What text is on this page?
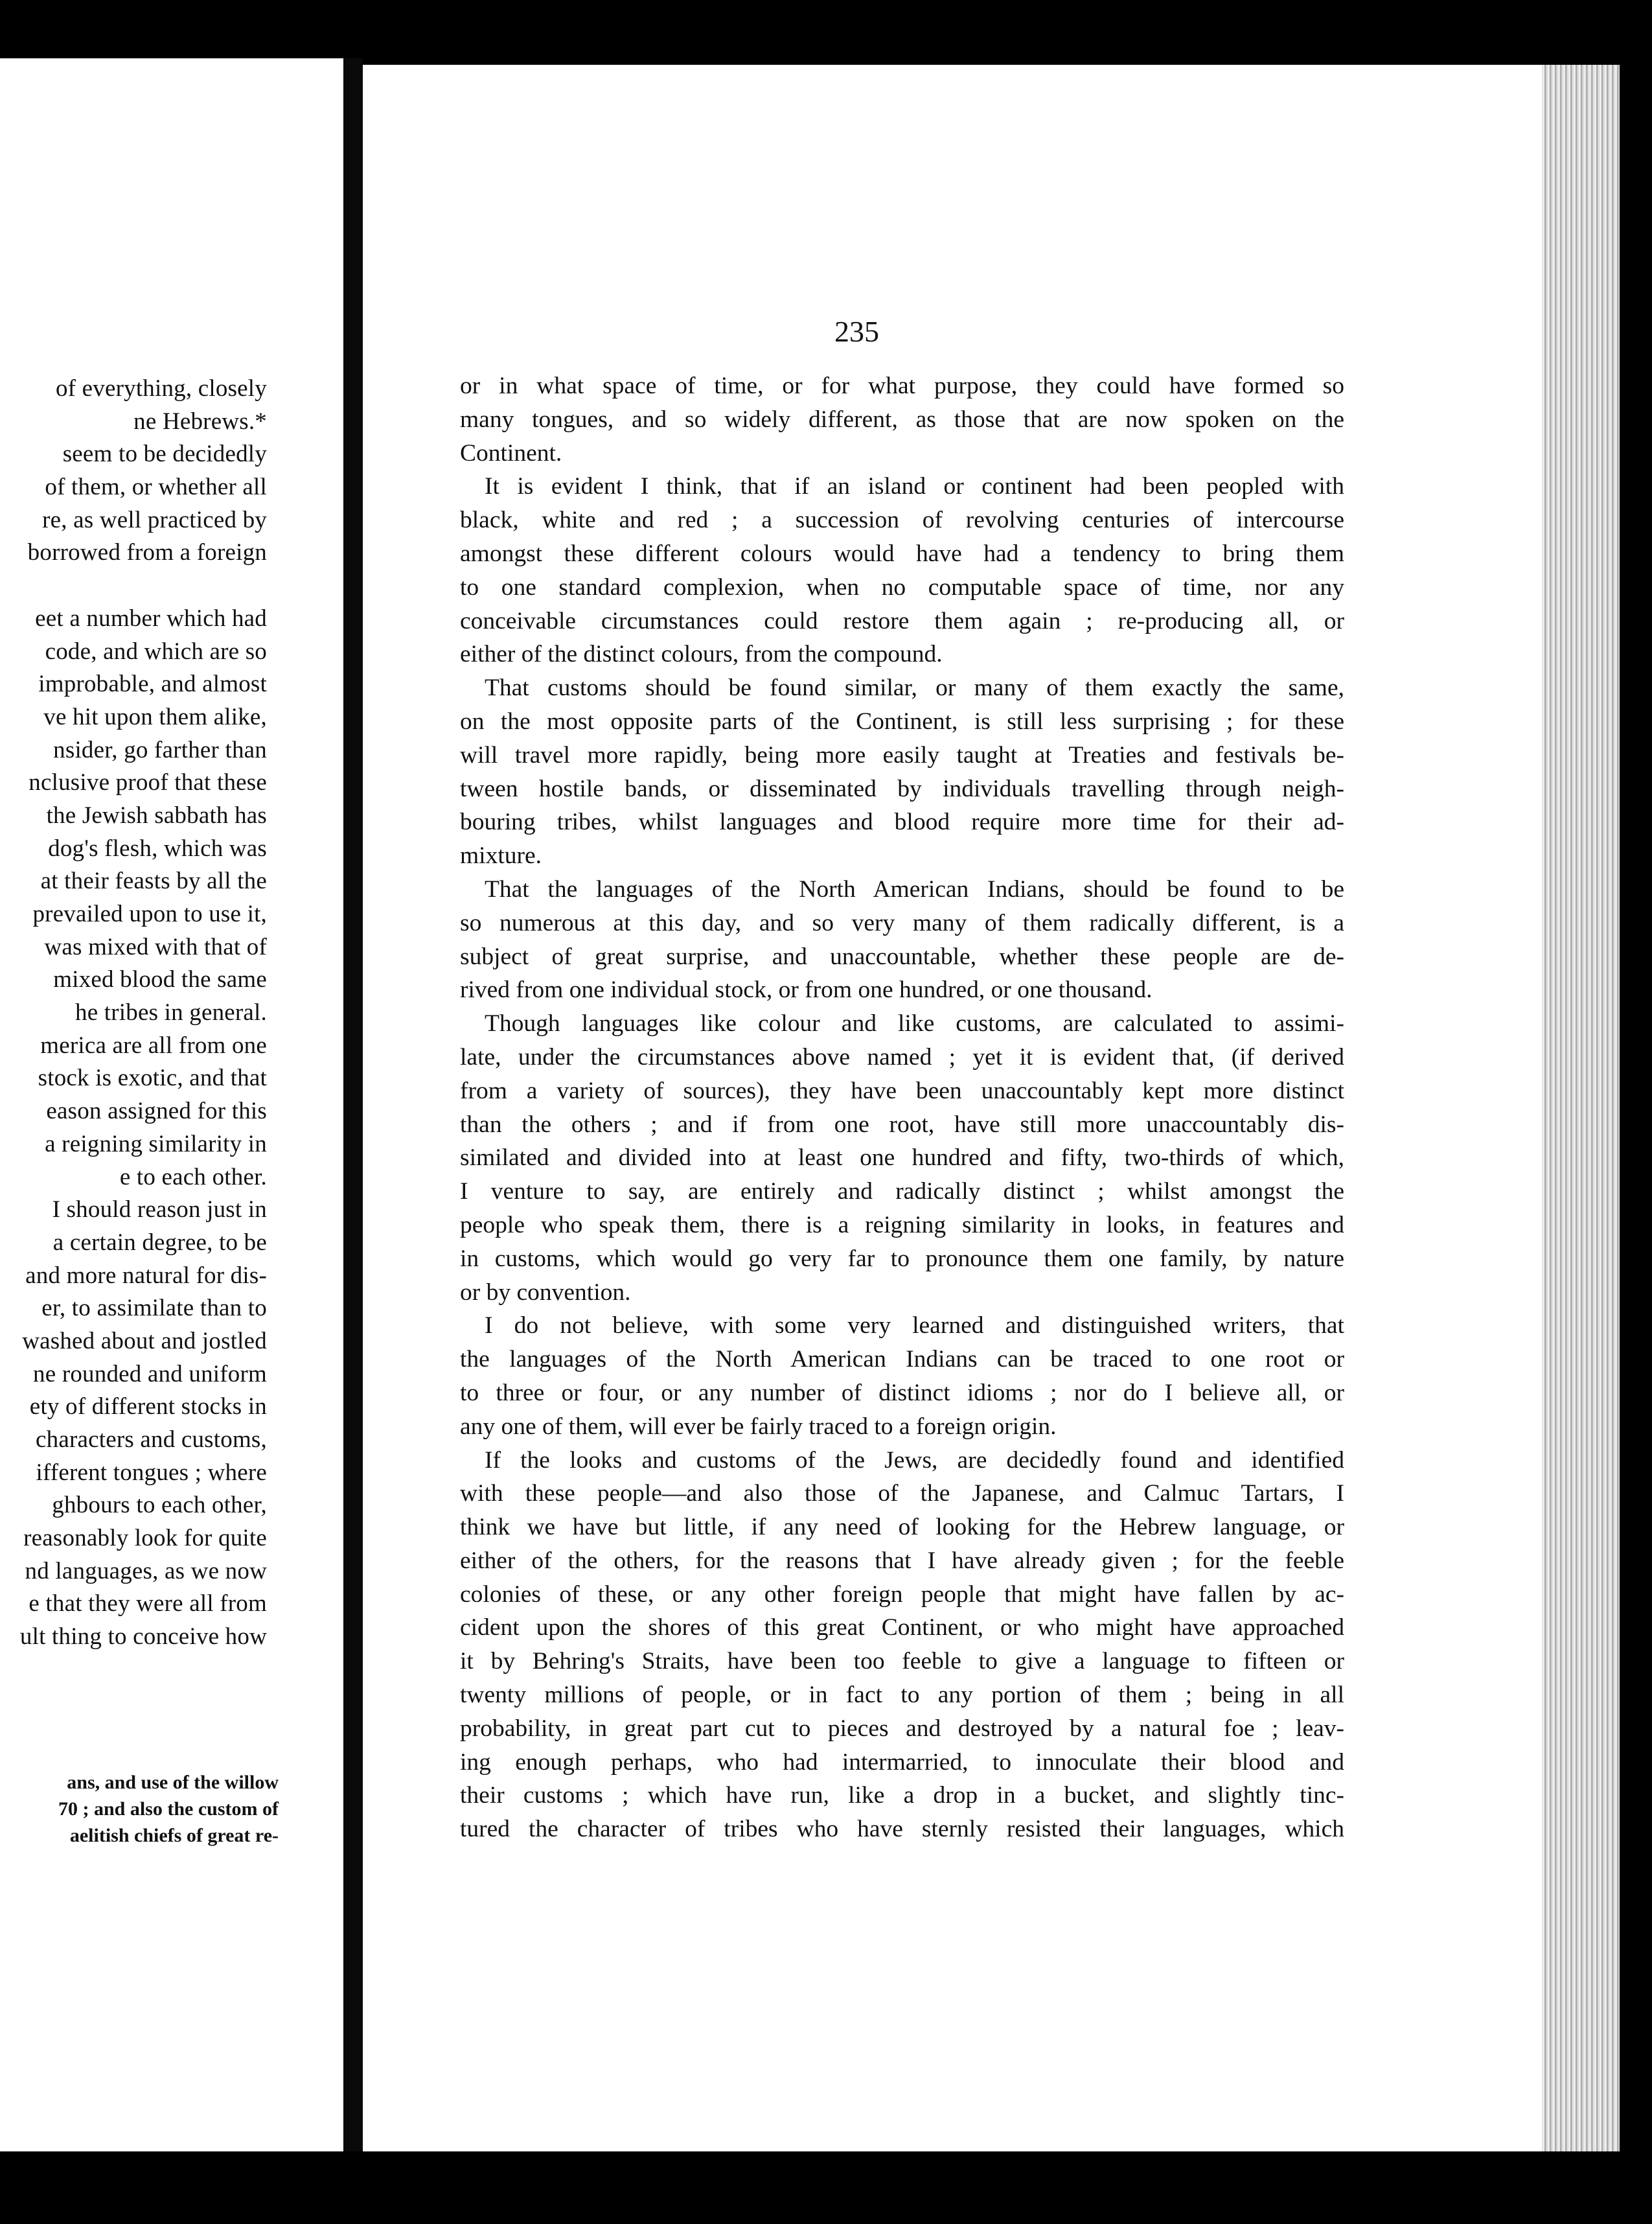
of everything, closely
ne Hebrews.*
seem to be decidedly
of them, or whether all
re, as well practiced by
borrowed from a foreign
eet a number which had
code, and which are so
improbable, and almost
ve hit upon them alike,
nsider, go farther than
nclusive proof that these
the Jewish sabbath has
dog's flesh, which was
at their feasts by all the
prevailed upon to use it,
was mixed with that of
mixed blood the same
he tribes in general.
merica are all from one
stock is exotic, and that
eason assigned for this
a reigning similarity in
e to each other.
I should reason just in
a certain degree, to be
and more natural for dis-
er, to assimilate than to
washed about and jostled
ne rounded and uniform
ety of different stocks in
characters and customs,
ifferent tongues ; where
ghbours to each other,
reasonably look for quite
nd languages, as we now
e that they were all from
ult thing to conceive how
ans, and use of the willow
70 ; and also the custom of
aelitish chiefs of great re-
235
or in what space of time, or for what purpose, they could have formed so
many tongues, and so widely different, as those that are now spoken on the
Continent.
It is evident I think, that if an island or continent had been peopled with
black, white and red ; a succession of revolving centuries of intercourse
amongst these different colours would have had a tendency to bring them
to one standard complexion, when no computable space of time, nor any
conceivable circumstances could restore them again ; re-producing all, or
either of the distinct colours, from the compound.
That customs should be found similar, or many of them exactly the same,
on the most opposite parts of the Continent, is still less surprising ; for these
will travel more rapidly, being more easily taught at Treaties and festivals be-
tween hostile bands, or disseminated by individuals travelling through neigh-
bouring tribes, whilst languages and blood require more time for their ad-
mixture.
That the languages of the North American Indians, should be found to be
so numerous at this day, and so very many of them radically different, is a
subject of great surprise, and unaccountable, whether these people are de-
rived from one individual stock, or from one hundred, or one thousand.
Though languages like colour and like customs, are calculated to assimi-
late, under the circumstances above named ; yet it is evident that, (if derived
from a variety of sources), they have been unaccountably kept more distinct
than the others ; and if from one root, have still more unaccountably dis-
similated and divided into at least one hundred and fifty, two-thirds of which,
I venture to say, are entirely and radically distinct ; whilst amongst the
people who speak them, there is a reigning similarity in looks, in features and
in customs, which would go very far to pronounce them one family, by nature
or by convention.
I do not believe, with some very learned and distinguished writers, that
the languages of the North American Indians can be traced to one root or
to three or four, or any number of distinct idioms ; nor do I believe all, or
any one of them, will ever be fairly traced to a foreign origin.
If the looks and customs of the Jews, are decidedly found and identified
with these people—and also those of the Japanese, and Calmuc Tartars, I
think we have but little, if any need of looking for the Hebrew language, or
either of the others, for the reasons that I have already given ; for the feeble
colonies of these, or any other foreign people that might have fallen by ac-
cident upon the shores of this great Continent, or who might have approached
it by Behring's Straits, have been too feeble to give a language to fifteen or
twenty millions of people, or in fact to any portion of them ; being in all
probability, in great part cut to pieces and destroyed by a natural foe ; leav-
ing enough perhaps, who had intermarried, to innoculate their blood and
their customs ; which have run, like a drop in a bucket, and slightly tinc-
tured the character of tribes who have sternly resisted their languages, which
